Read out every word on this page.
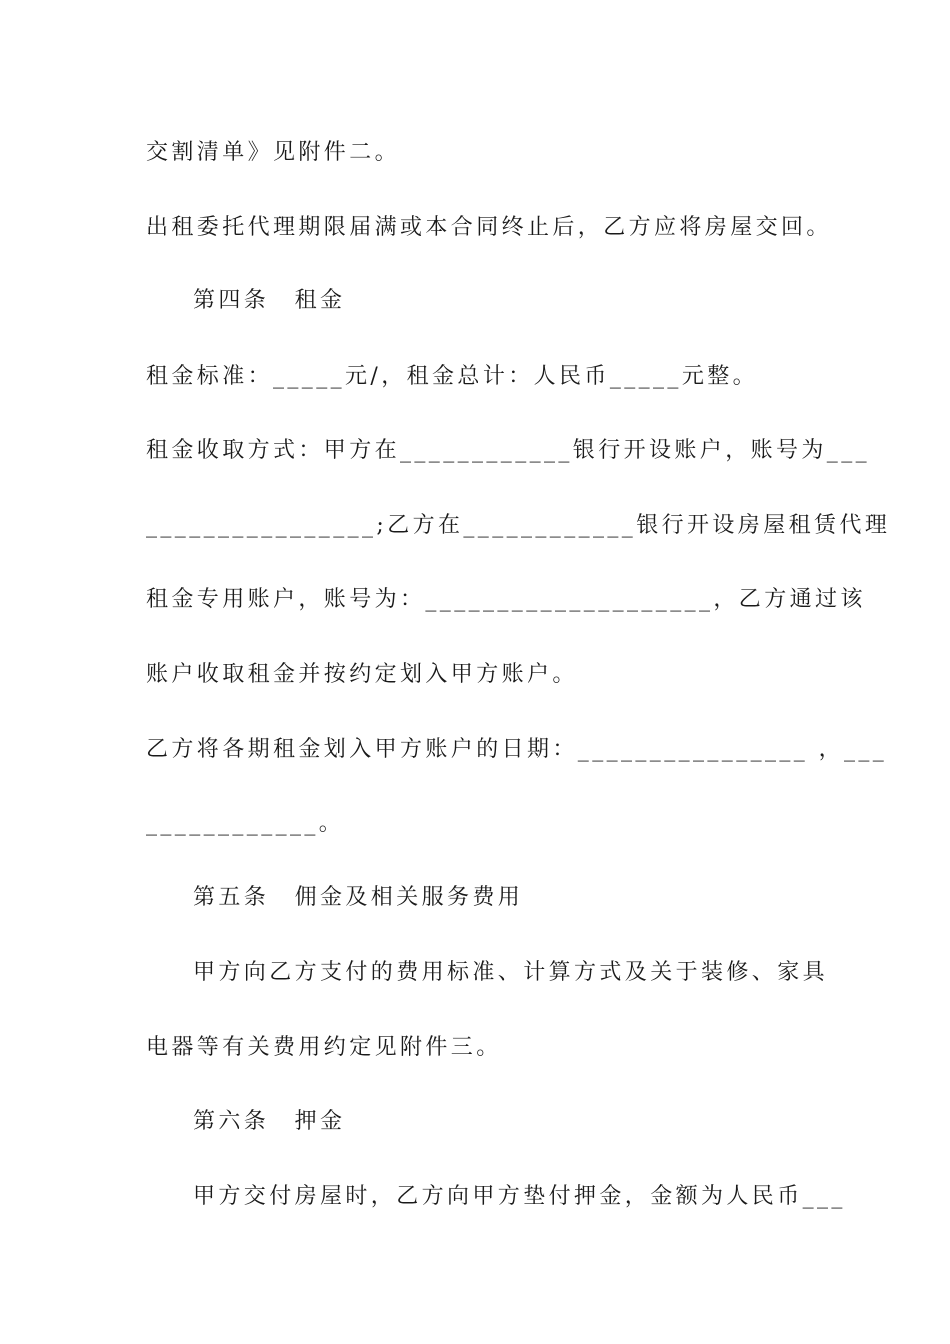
交割清单》见附件二。
出租委托代理期限届满或本合同终止后，乙方应将房屋交回。
第四条　租金
租金标准：_____元/，租金总计：人民币_____元整。
租金收取方式：甲方在____________银行开设账户，账号为___
________________;乙方在____________银行开设房屋租赁代理
租金专用账户，账号为：____________________，乙方通过该
账户收取租金并按约定划入甲方账户。
乙方将各期租金划入甲方账户的日期：________________ ，___
____________。
第五条　佣金及相关服务费用
甲方向乙方支付的费用标准、计算方式及关于装修、家具
电器等有关费用约定见附件三。
第六条　押金
甲方交付房屋时，乙方向甲方垫付押金，金额为人民币___
